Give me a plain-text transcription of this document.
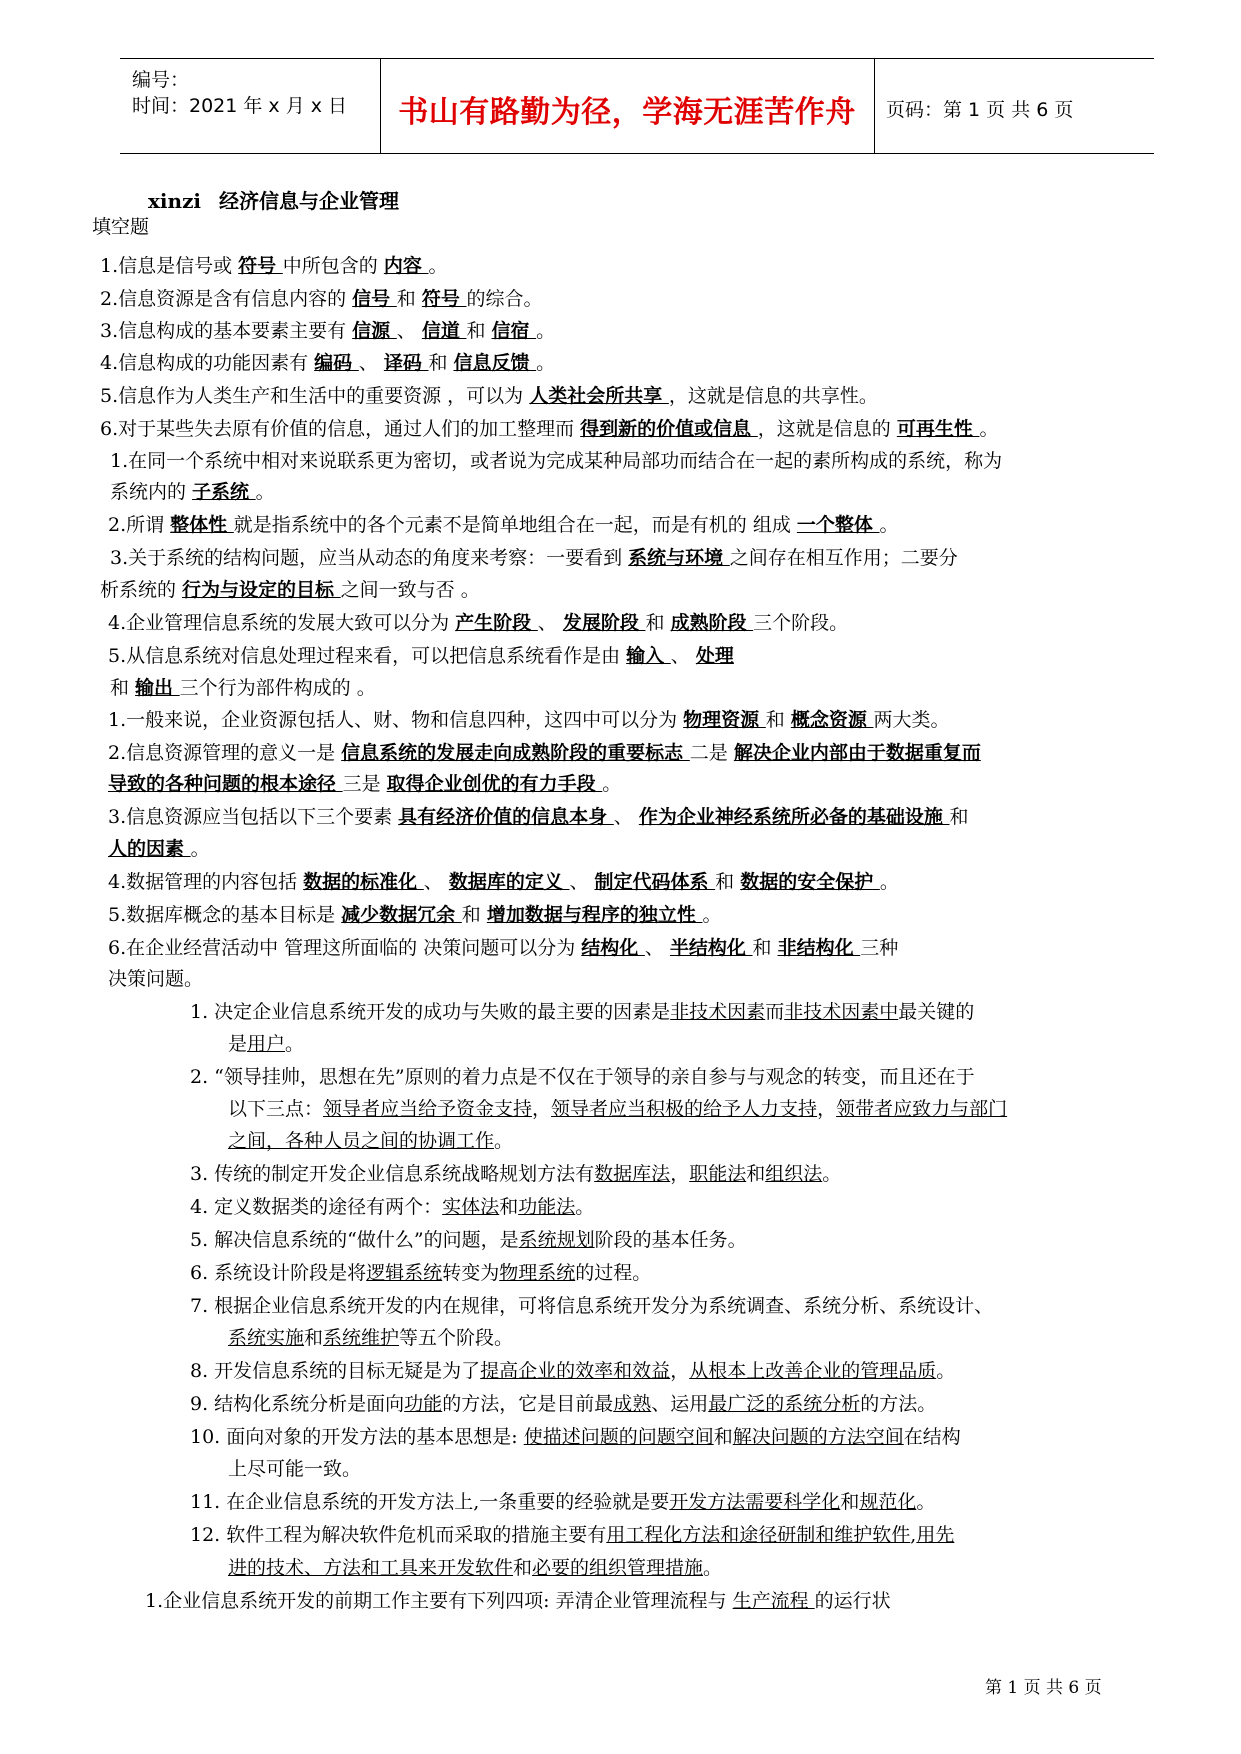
编号：
时间：2021 年 x 月 x 日	书山有路勤为径，学海无涯苦作舟	页码：第 1 页 共 6 页
xinzi 经济信息与企业管理
填空题
1.信息是信号或 符号 中所包含的 内容 。
2.信息资源是含有信息内容的 信号 和 符号 的综合。
3.信息构成的基本要素主要有 信源 、 信道 和 信宿 。
4.信息构成的功能因素有 编码 、 译码 和 信息反馈 。
5.信息作为人类生产和生活中的重要资源 ，可以为 人类社会所共享 ，这就是信息的共享性。
6.对于某些失去原有价值的信息，通过人们的加工整理而 得到新的价值或信息 ，这就是信息的 可再生性 。
1.在同一个系统中相对来说联系更为密切，或者说为完成某种局部功而结合在一起的素所构成的系统，称为
系统内的 子系统 。
2.所谓 整体性 就是指系统中的各个元素不是简单地组合在一起，而是有机的 组成 一个整体 。
3.关于系统的结构问题，应当从动态的角度来考察：一要看到 系统与环境 之间存在相互作用；二要分
析系统的 行为与设定的目标 之间一致与否 。
4.企业管理信息系统的发展大致可以分为 产生阶段 、 发展阶段 和 成熟阶段 三个阶段。
5.从信息系统对信息处理过程来看，可以把信息系统看作是由 输入 、 处理
和 输出 三个行为部件构成的 。
1.一般来说，企业资源包括人、财、物和信息四种，这四中可以分为 物理资源 和 概念资源 两大类。
2.信息资源管理的意义一是 信息系统的发展走向成熟阶段的重要标志 二是 解决企业内部由于数据重复而
导致的各种问题的根本途径 三是 取得企业创优的有力手段 。
3.信息资源应当包括以下三个要素 具有经济价值的信息本身 、 作为企业神经系统所必备的基础设施 和
人的因素 。
4.数据管理的内容包括 数据的标准化 、 数据库的定义 、 制定代码体系 和 数据的安全保护 。
5.数据库概念的基本目标是 减少数据冗余 和 增加数据与程序的独立性 。
6.在企业经营活动中 管理这所面临的 决策问题可以分为 结构化 、 半结构化 和 非结构化 三种
决策问题。
1. 决定企业信息系统开发的成功与失败的最主要的因素是非技术因素而非技术因素中最关键的
是用户。
2. “领导挂帅，思想在先”原则的着力点是不仅在于领导的亲自参与与观念的转变，而且还在于
以下三点：领导者应当给予资金支持，领导者应当积极的给予人力支持，领带者应致力与部门
之间，各种人员之间的协调工作。
3. 传统的制定开发企业信息系统战略规划方法有数据库法，职能法和组织法。
4. 定义数据类的途径有两个：实体法和功能法。
5. 解决信息系统的“做什么”的问题，是系统规划阶段的基本任务。
6. 系统设计阶段是将逻辑系统转变为物理系统的过程。
7. 根据企业信息系统开发的内在规律，可将信息系统开发分为系统调查、系统分析、系统设计、
系统实施和系统维护等五个阶段。
8. 开发信息系统的目标无疑是为了提高企业的效率和效益，从根本上改善企业的管理品质。
9. 结构化系统分析是面向功能的方法，它是目前最成熟、运用最广泛的系统分析的方法。
10. 面向对象的开发方法的基本思想是: 使描述问题的问题空间和解决问题的方法空间在结构
上尽可能一致。
11. 在企业信息系统的开发方法上,一条重要的经验就是要开发方法需要科学化和规范化。
12. 软件工程为解决软件危机而采取的措施主要有用工程化方法和途径研制和维护软件,用先
进的技术、方法和工具来开发软件和必要的组织管理措施。
1.企业信息系统开发的前期工作主要有下列四项: 弄清企业管理流程与 生产流程 的运行状
第 1 页 共 6 页
